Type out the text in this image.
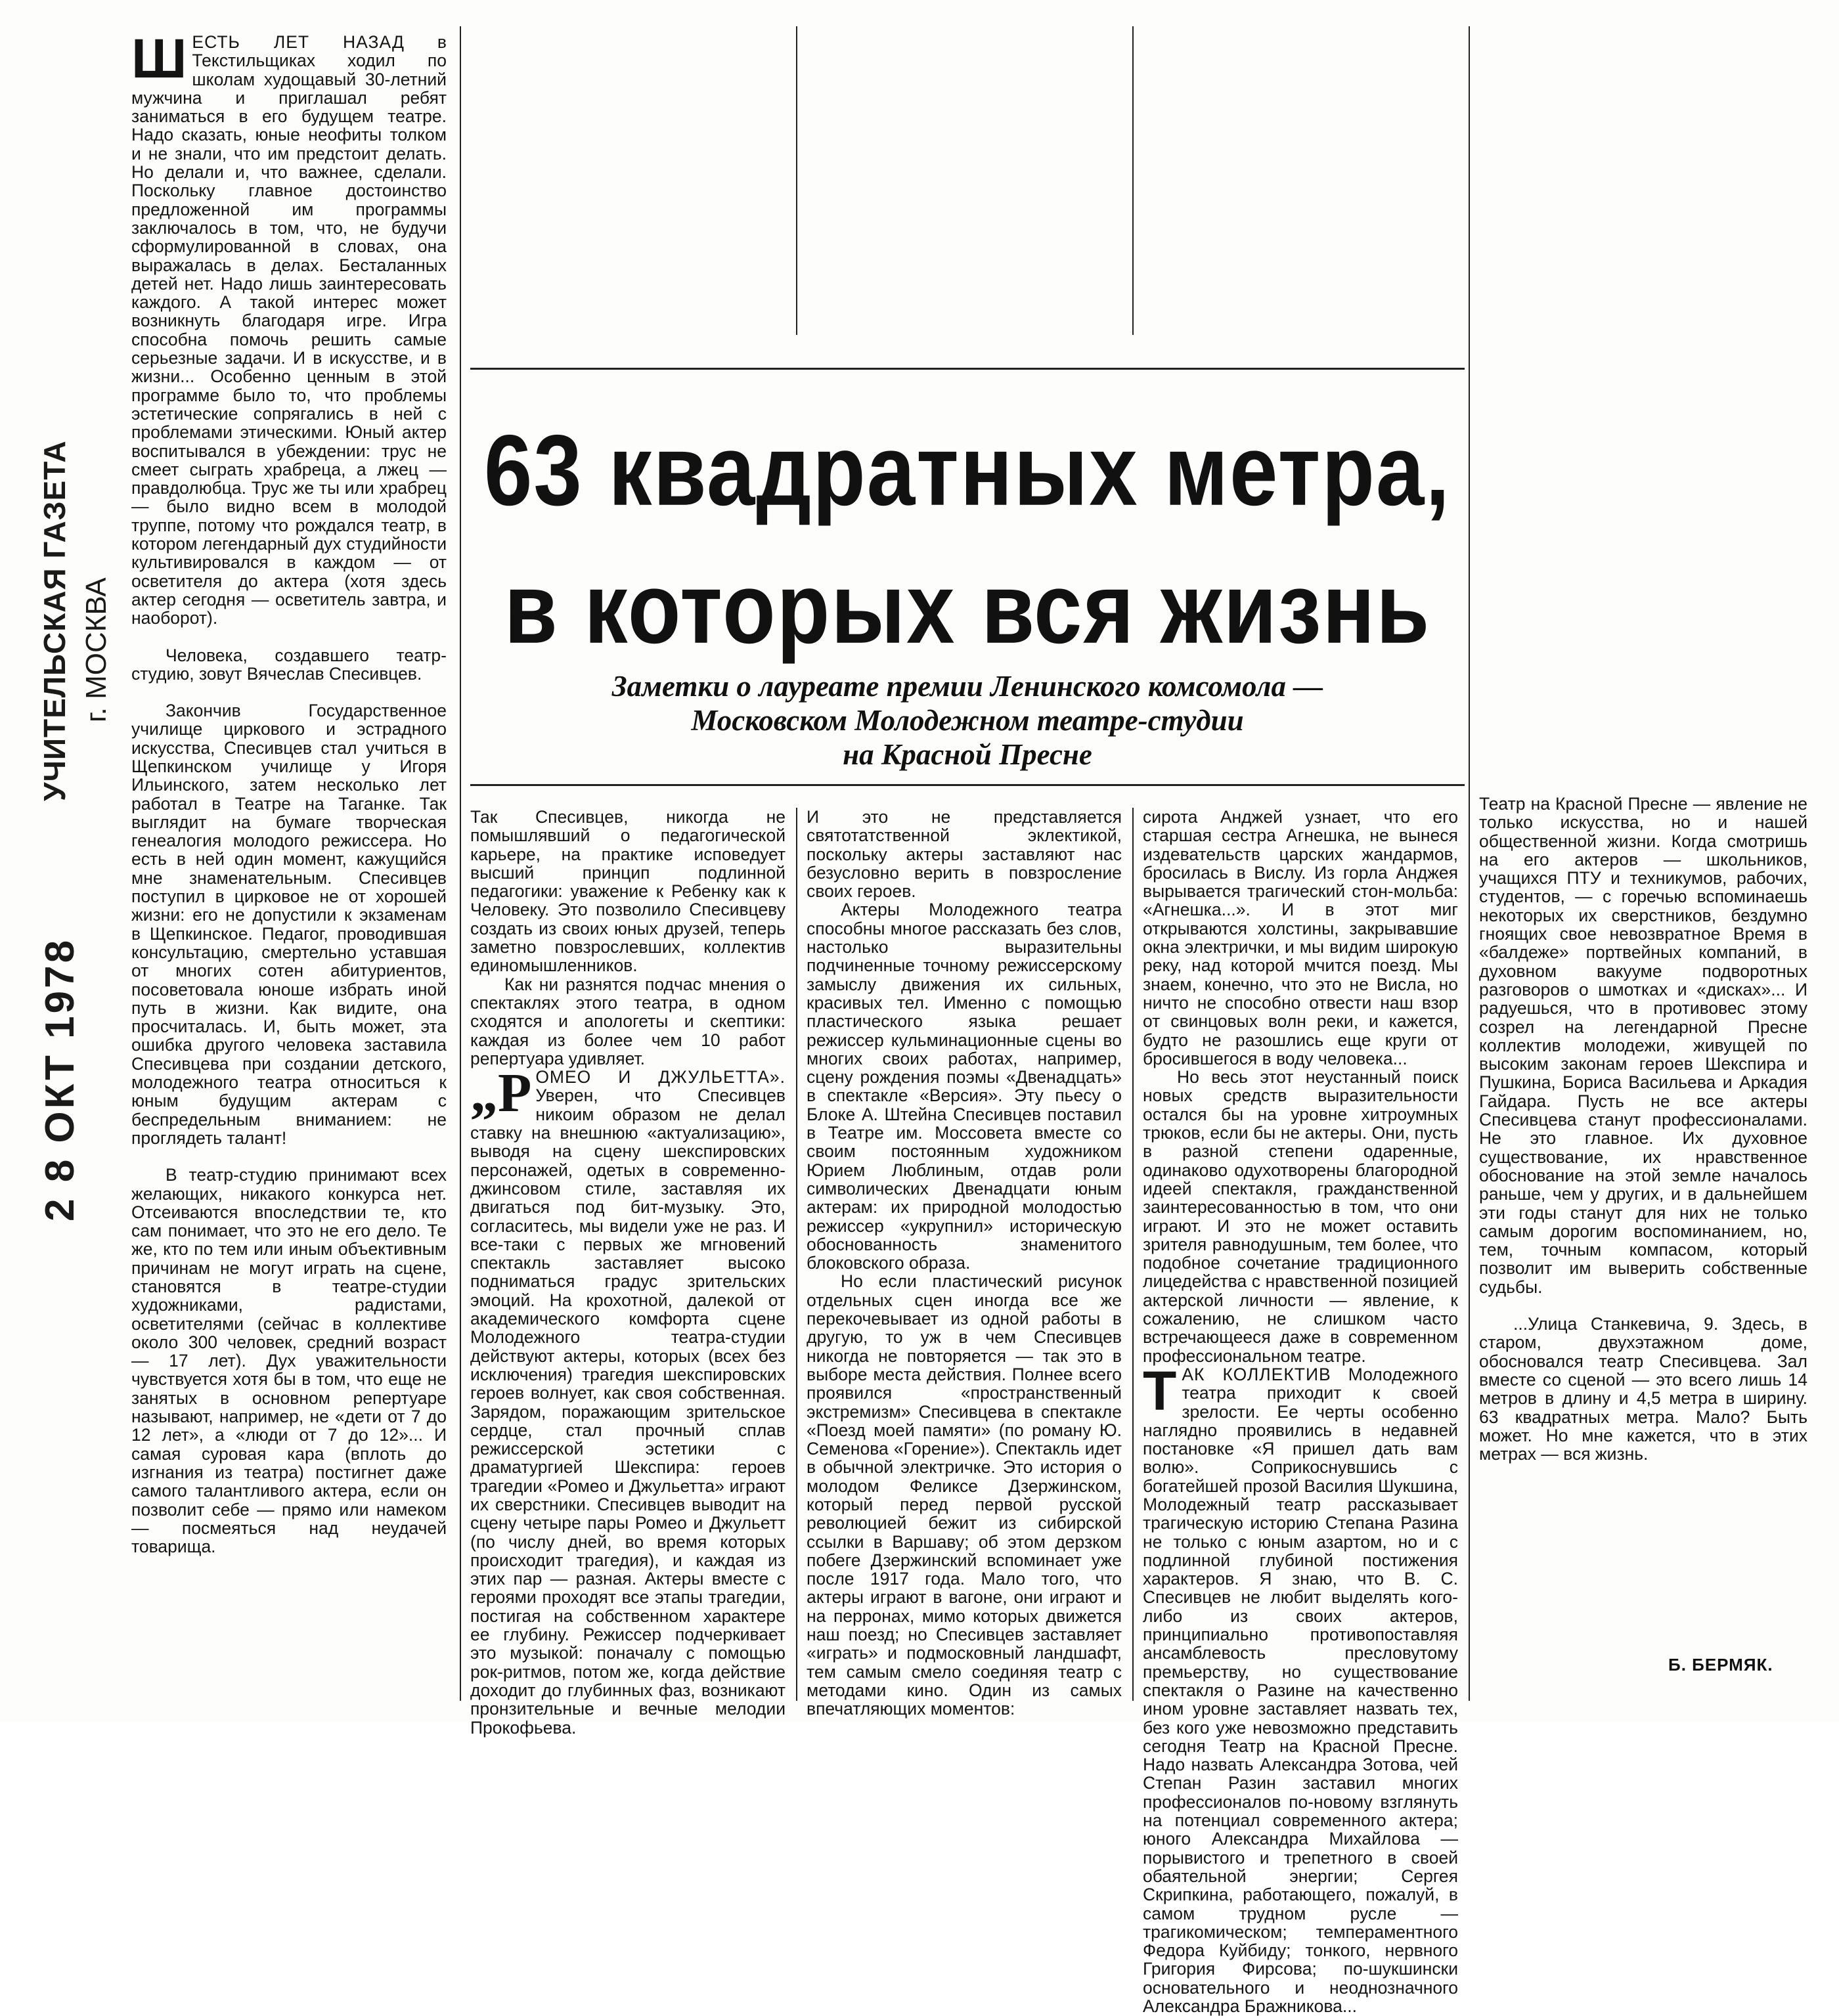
УЧИТЕЛЬСКАЯ ГАЗЕТА г. МОСКВА
2 8 ОКТ 1978

ШЕСТЬ ЛЕТ НАЗАД в Текстильщиках ходил по школам худощавый 30-летний мужчина и приглашал ребят заниматься в его будущем театре. Надо сказать, юные неофиты толком и не знали, что им предстоит делать. Но делали и, что важнее, сделали. Поскольку главное достоинство предложенной им программы заключалось в том, что, не будучи сформулированной в словах, она выражалась в делах. Бесталанных детей нет. Надо лишь заинтересовать каждого. А такой интерес может возникнуть благодаря игре. Игра способна помочь решить самые серьезные задачи. И в искусстве, и в жизни... Особенно ценным в этой программе было то, что проблемы эстетические сопрягались в ней с проблемами этическими. Юный актер воспитывался в убеждении: трус не смеет сыграть храбреца, а лжец — правдолюбца. Трус же ты или храбрец — было видно всем в молодой труппе, потому что рождался театр, в котором легендарный дух студийности культивировался в каждом — от осветителя до актера (хотя здесь актер сегодня — осветитель завтра, и наоборот).

Человека, создавшего театр-студию, зовут Вячеслав Спесивцев.

Закончив Государственное училище циркового и эстрадного искусства, Спесивцев стал учиться в Щепкинском училище у Игоря Ильинского, затем несколько лет работал в Театре на Таганке. Так выглядит на бумаге творческая генеалогия молодого режиссера. Но есть в ней один момент, кажущийся мне знаменательным. Спесивцев поступил в цирковое не от хорошей жизни: его не допустили к экзаменам в Щепкинское. Педагог, проводившая консультацию, смертельно уставшая от многих сотен абитуриентов, посоветовала юноше избрать иной путь в жизни. Как видите, она просчиталась. И, быть может, эта ошибка другого человека заставила Спесивцева при создании детского, молодежного театра относиться к юным будущим актерам с беспредельным вниманием: не проглядеть талант!

В театр-студию принимают всех желающих, никакого конкурса нет. Отсеиваются впоследствии те, кто сам понимает, что это не его дело. Те же, кто по тем или иным объективным причинам не могут играть на сцене, становятся в театре-студии художниками, радистами, осветителями (сейчас в коллективе около 300 человек, средний возраст — 17 лет). Дух уважительности чувствуется хотя бы в том, что еще не занятых в основном репертуаре называют, например, не «дети от 7 до 12 лет», а «люди от 7 до 12»... И самая суровая кара (вплоть до изгнания из театра) постигнет даже самого талантливого актера, если он позволит себе — прямо или намеком — посмеяться над неудачей товарища.

Так Спесивцев, никогда не помышлявший о педагогической карьере, на практике исповедует высший принцип подлинной педагогики: уважение к Ребенку как к Человеку. Это позволило Спесивцеву создать из своих юных друзей, теперь заметно повзрослевших, коллектив единомышленников.

Как ни разнятся подчас мнения о спектаклях этого театра, в одном сходятся и апологеты и скептики: каждая из более чем 10 работ репертуара удивляет.

„РОМЕО И ДЖУЛЬЕТТА». Уверен, что Спесивцев никоим образом не делал ставку на внешнюю «актуализацию», выводя на сцену шекспировских персонажей, одетых в современно-джинсовом стиле, заставляя их двигаться под бит-музыку. Это, согласитесь, мы видели уже не раз. И все-таки с первых же мгновений спектакль заставляет высоко подниматься градус зрительских эмоций. На крохотной, далекой от академического комфорта сцене Молодежного театра-студии действуют актеры, которых (всех без исключения) трагедия шекспировских героев волнует, как своя собственная. Зарядом, поражающим зрительское сердце, стал прочный сплав режиссерской эстетики с драматургией Шекспира: героев трагедии «Ромео и Джульетта» играют их сверстники. Спесивцев выводит на сцену четыре пары Ромео и Джульетт (по числу дней, во время которых происходит трагедия), и каждая из этих пар — разная. Актеры вместе с героями проходят все этапы трагедии, постигая на собственном характере ее глубину. Режиссер подчеркивает это музыкой: поначалу с помощью рок-ритмов, потом же, когда действие доходит до глубинных фаз, возникают пронзительные и вечные мелодии Прокофьева.

И это не представляется святотатственной эклектикой, поскольку актеры заставляют нас безусловно верить в повзрослениe своих героев.

Актеры Молодежного театра способны многое рассказать без слов, настолько выразительны подчиненные точному режиссерскому замыслу движения их сильных, красивых тел. Именно с помощью пластического языка решает режиссер кульминационные сцены во многих своих работах, например, сцену рождения поэмы «Двенадцать» в спектакле «Версия». Эту пьесу о Блоке А. Штейна Спесивцев поставил в Театре им. Моссовета вместе со своим постоянным художником Юрием Люблиным, отдав роли символических Двенадцати юным актерам: их природной молодостью режиссер «укрупнил» историческую обоснованность знаменитого блоковского образа.

Но если пластический рисунок отдельных сцен иногда все же перекочевывает из одной работы в другую, то уж в чем Спесивцев никогда не повторяется — так это в выборе места действия. Полнее всего проявился «пространственный экстремизм» Спесивцева в спектакле «Поезд моей памяти» (по роману Ю. Семенова «Горение»). Спектакль идет в обычной электричке. Это история о молодом Феликсе Дзержинском, который перед первой русской революцией бежит из сибирской ссылки в Варшаву; об этом дерзком побеге Дзержинский вспоминает уже после 1917 года. Мало того, что актеры играют в вагоне, они играют и на перронах, мимо которых движется наш поезд; но Спесивцев заставляет «играть» и подмосковный ландшафт, тем самым смело соединяя театр с методами кино. Один из самых впечатляющих моментов:

сирота Анджей узнает, что его старшая сестра Агнешка, не вынеся издевательств царских жандармов, бросилась в Вислу. Из горла Анджея вырывается трагический стон-мольба: «Агнешка...». И в этот миг открываются холстины, закрывавшие окна электрички, и мы видим широкую реку, над которой мчится поезд. Мы знаем, конечно, что это не Висла, но ничто не способно отвести наш взор от свинцовых волн реки, и кажется, будто не разошлись еще круги от бросившегося в воду человека...

Но весь этот неустанный поиск новых средств выразительности остался бы на уровне хитроумных трюков, если бы не актеры. Они, пусть в разной степени одаренные, одинаково одухотворены благородной идеей спектакля, гражданственной заинтересованностью в том, что они играют. И это не может оставить зрителя равнодушным, тем более, что подобное сочетание традиционного лицедейства с нравственной позицией актерской личности — явление, к сожалению, не слишком часто встречающееся даже в современном профессиональном театре.

ТАК КОЛЛЕКТИВ Молодежного театра приходит к своей зрелости. Ее черты особенно наглядно проявились в недавней постановке «Я пришел дать вам волю». Соприкоснувшись с богатейшей прозой Василия Шукшина, Молодежный театр рассказывает трагическую историю Степана Разина не только с юным азартом, но и с подлинной глубиной постижения характеров. Я знаю, что В. С. Спесивцев не любит выделять кого-либо из своих актеров, принципиально противопоставляя ансамблевость пресловутому премьерству, но существование спектакля о Разине на качественно ином уровне заставляет назвать тех, без кого уже невозможно представить сегодня Театр на Красной Пресне. Надо назвать Александра Зотова, чей Степан Разин заставил многих профессионалов по-новому взглянуть на потенциал современного актера; юного Александра Михайлова — порывистого и трепетного в своей обаятельной энергии; Сергея Скрипкина, работающего, пожалуй, в самом трудном русле — трагикомическом; темпераментного Федора Куйбиду; тонкого, нервного Григория Фирсова; по-шукшински основательного и неоднозначного Александра Бражникова...

Театр на Красной Пресне — явление не только искусства, но и нашей общественной жизни. Когда смотришь на его актеров — школьников, учащихся ПТУ и техникумов, рабочих, студентов, — с горечью вспоминаешь некоторых их сверстников, бездумно гноящих свое невозвратное Время в «балдеже» портвейных компаний, в духовном вакууме подворотных разговоров о шмотках и «дисках»... И радуешься, что в противовес этому созрел на легендарной Пресне коллектив молодежи, живущей по высоким законам героев Шекспира и Пушкина, Бориса Васильева и Аркадия Гайдара. Пусть не все актеры Спесивцева станут профессионалами. Не это главное. Их духовное существование, их нравственное обоснование на этой земле началось раньше, чем у других, и в дальнейшем эти годы станут для них не только самым дорогим воспоминанием, но, тем, точным компасом, который позволит им выверить собственные судьбы.

...Улица Станкевича, 9. Здесь, в старом, двухэтажном доме, обосновался театр Спесивцева. Зал вместе со сценой — это всего лишь 14 метров в длину и 4,5 метра в ширину. 63 квадратных метра. Мало? Быть может. Но мне кажется, что в этих метрах — вся жизнь.

63 квадратных метра,
в которых вся жизнь
Заметки о лауреате премии Ленинского комсомола —
Московском Молодежном театре-студии
на Красной Пресне
Б. БЕРМЯК.
